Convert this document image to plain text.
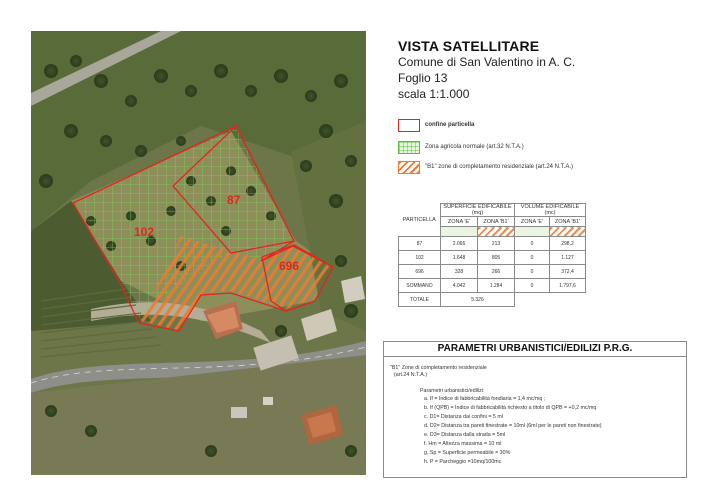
87
102
696
VISTA SATELLITARE
Comune di San Valentino in A. C.
Foglio 13
scala 1:1.000
confine particella
Zona agricola normale (art.32 N.T.A.)
"B1" zone di completamento residenziale (art.24 N.T.A.)
PARTICELLA	SUPERFICIE EDIFICABILE
(mq)		VOLUME EDIFICABILE
(mc)	
	ZONA 'E'	ZONA 'B1'	ZONA 'E'	ZONA 'B1'

87	2.066	213	0	298,2
102	1.648	805	0	1.127
696	328	266	0	372,4
SOMMANO	4.042	1.284	0	1.797,6
TOTALE	5.326			
PARAMETRI URBANISTICI/EDILIZI P.R.G.
"B1" Zone di completamento residenziale
(art.24 N.T.A.)
Parametri urbanistici/edilizi:
a. If = Indice di fabbricabilità fondiaria = 1,4 mc/mq ;
b. If (QPB) = Indice di fabbricabilità richiesto a titolo di QPB = +0,2 mc/mq
c. D1= Distanza dai confini = 5 ml
d. D2= Distanza tra pareti finestrate = 10ml (6ml per le pareti non finestrate)
e. D3= Distanza dalla strada = 5ml
f. Hm = Altezza massima = 10 ml
g. Sp = Superficie permeabile = 30%
h. P = Parcheggio =10mq/100mc
